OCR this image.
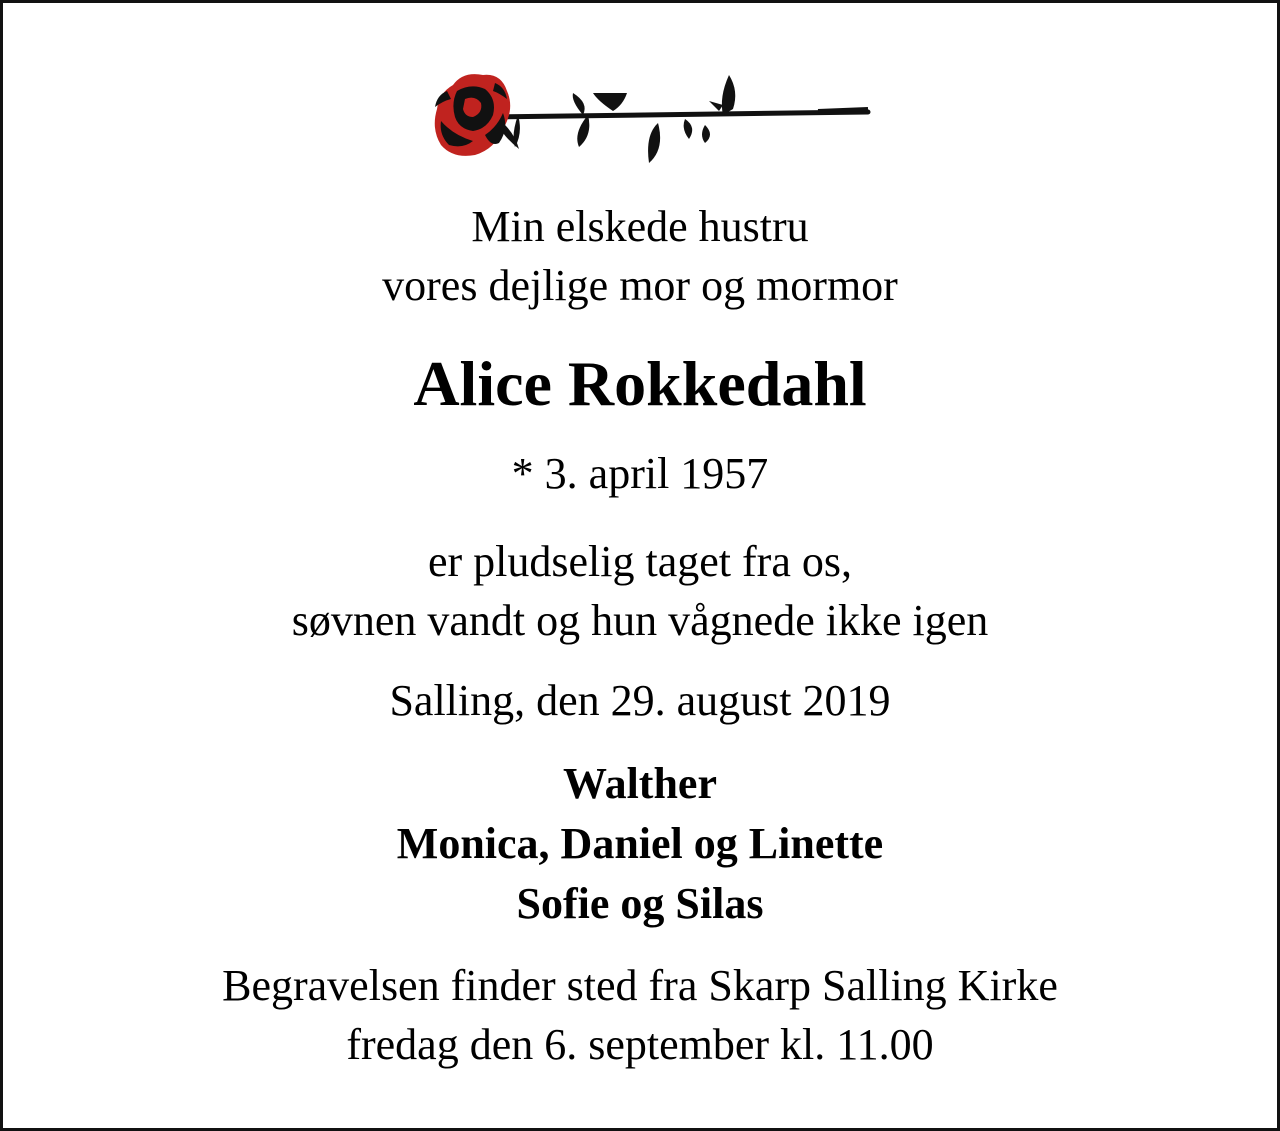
Min elskede hustru
vores dejlige mor og mormor
Alice Rokkedahl
* 3. april 1957
er pludselig taget fra os,
søvnen vandt og hun vågnede ikke igen
Salling, den 29. august 2019
Walther
Monica, Daniel og Linette
Sofie og Silas
Begravelsen finder sted fra Skarp Salling Kirke
fredag den 6. september kl. 11.00
